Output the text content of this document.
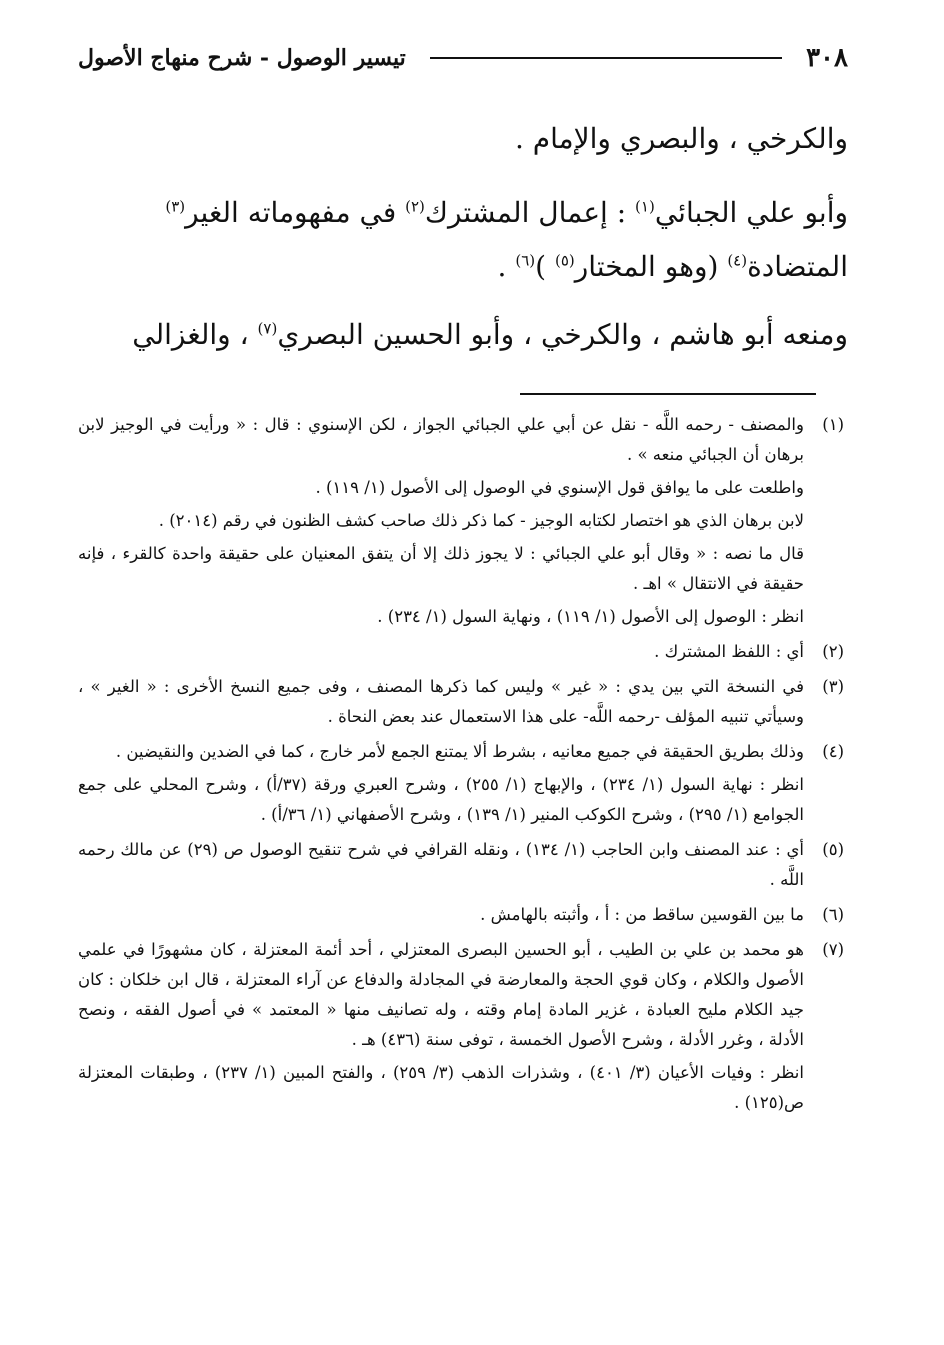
٣٠٨
تيسير الوصول - شرح منهاج الأصول

والكرخي ، والبصري والإمام .

وأبو علي الجبائي$^{(١)}$ : إعمال المشترك$^{(٢)}$ في مفهوماته الغير$^{(٣)}$ المتضادة$^{(٤)}$ (وهو المختار$^{(٥)}$ )$^{(٦)}$ .

ومنعه أبو هاشم ، والكرخي ، وأبو الحسين البصري$^{(٧)}$ ، والغزالي

(١)

والمصنف - رحمه اللَّه - نقل عن أبي علي الجبائي الجواز ، لكن الإسنوي : قال : « ورأيت في الوجيز لابن برهان أن الجبائي منعه » .

واطلعت على ما يوافق قول الإسنوي في الوصول إلى الأصول (١/ ١١٩) .

لابن برهان الذي هو اختصار لكتابه الوجيز - كما ذكر ذلك صاحب كشف الظنون في رقم (٢٠١٤) .

قال ما نصه : « وقال أبو علي الجبائي : لا يجوز ذلك إلا أن يتفق المعنيان على حقيقة واحدة كالقرء ، فإنه حقيقة في الانتقال » اهـ .

انظر : الوصول إلى الأصول (١/ ١١٩) ، ونهاية السول (١/ ٢٣٤) .

(٢)

أي : اللفظ المشترك .

(٣)

في النسخة التي بين يدي : « غير » وليس كما ذكرها المصنف ، وفى جميع النسخ الأخرى : « الغير » ، وسيأتي تنبيه المؤلف -رحمه اللَّه- على هذا الاستعمال عند بعض النحاة .

(٤)

وذلك بطريق الحقيقة في جميع معانيه ، بشرط ألا يمتنع الجمع لأمر خارج ، كما في الضدين والنقيضين .

انظر : نهاية السول (١/ ٢٣٤) ، والإبهاج (١/ ٢٥٥) ، وشرح العبري ورقة (٣٧/أ) ، وشرح المحلي على جمع الجوامع (١/ ٢٩٥) ، وشرح الكوكب المنير (١/ ١٣٩) ، وشرح الأصفهاني (١/ ٣٦/أ) .

(٥)

أي : عند المصنف وابن الحاجب (١/ ١٣٤) ، ونقله القرافي في شرح تنقيح الوصول ص (٢٩) عن مالك رحمه اللَّه .

(٦)

ما بين القوسين ساقط من : أ ، وأثبته بالهامش .

(٧)

هو محمد بن علي بن الطيب ، أبو الحسين البصرى المعتزلي ، أحد أئمة المعتزلة ، كان مشهورًا في علمي الأصول والكلام ، وكان قوي الحجة والمعارضة في المجادلة والدفاع عن آراء المعتزلة ، قال ابن خلكان : كان جيد الكلام مليح العبادة ، غزير المادة إمام وقته ، وله تصانيف منها « المعتمد » في أصول الفقه ، ونصح الأدلة ، وغرر الأدلة ، وشرح الأصول الخمسة ، توفى سنة (٤٣٦) هـ .

انظر : وفيات الأعيان (٣/ ٤٠١) ، وشذرات الذهب (٣/ ٢٥٩) ، والفتح المبين (١/ ٢٣٧) ، وطبقات المعتزلة ص(١٢٥) .
